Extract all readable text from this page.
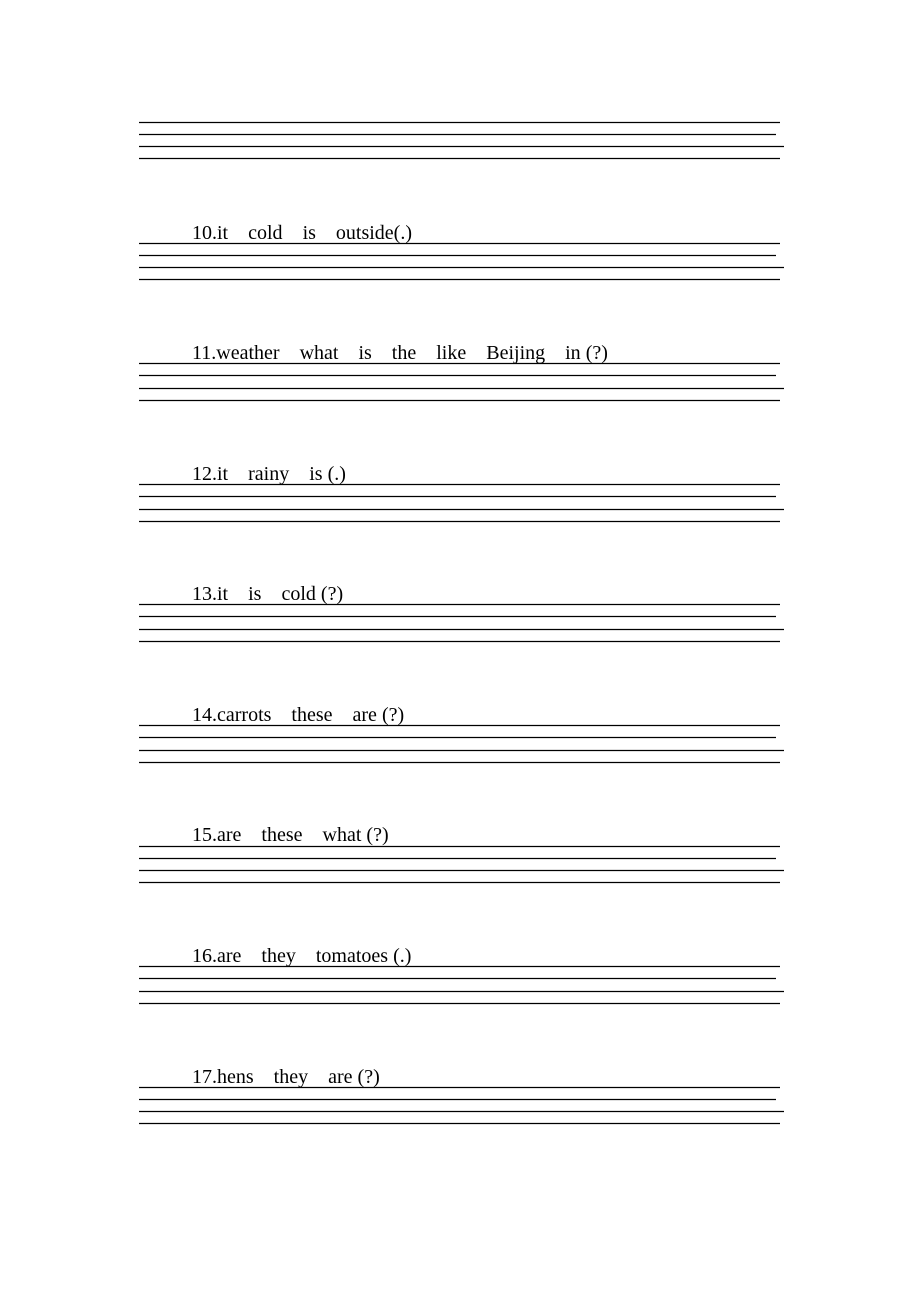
10.it cold is outside(.)

11.weather what is the like Beijing in (?)

12.it rainy is (.)

13.it is cold (?)

14.carrots these are (?)

15.are these what (?)

16.are they tomatoes (.)

17.hens they are (?)
